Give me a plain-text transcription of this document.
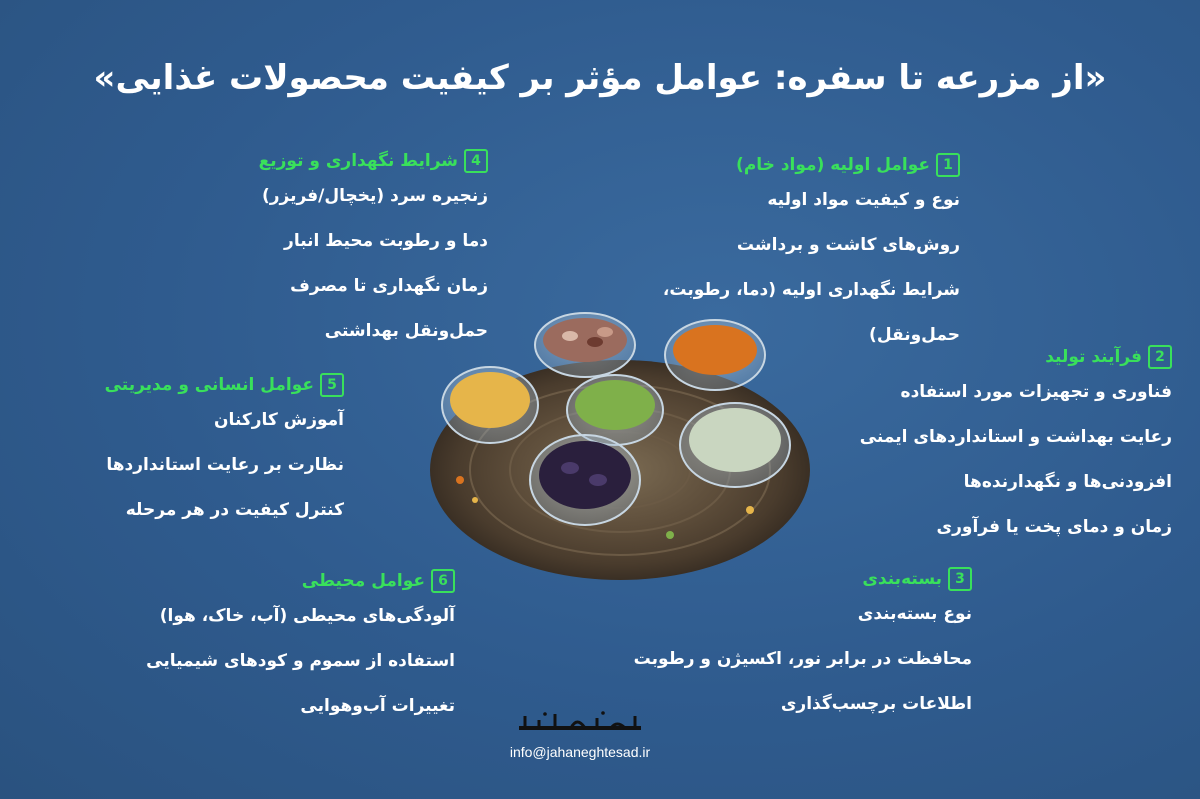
«از مزرعه تا سفره: عوامل مؤثر بر کیفیت محصولات غذایی»
1
عوامل اولیه (مواد خام)
نوع و کیفیت مواد اولیه
روش‌های کاشت و برداشت
شرایط نگهداری اولیه (دما، رطوبت،
حمل‌ونقل)
2
فرآیند تولید
فناوری و تجهیزات مورد استفاده
رعایت بهداشت و استانداردهای ایمنی
افزودنی‌ها و نگهدارنده‌ها
زمان و دمای پخت یا فرآوری
3
بسته‌بندی
نوع بسته‌بندی
محافظت در برابر نور، اکسیژن و رطوبت
اطلاعات برچسب‌گذاری
4
شرایط نگهداری و توزیع
زنجیره سرد (یخچال/فریزر)
دما و رطوبت محیط انبار
زمان نگهداری تا مصرف
حمل‌ونقل بهداشتی
5
عوامل انسانی و مدیریتی
آموزش کارکنان
نظارت بر رعایت استانداردها
کنترل کیفیت در هر مرحله
6
عوامل محیطی
آلودگی‌های محیطی (آب، خاک، هوا)
استفاده از سموم و کودهای شیمیایی
تغییرات آب‌وهوایی
info@jahaneghtesad.ir
